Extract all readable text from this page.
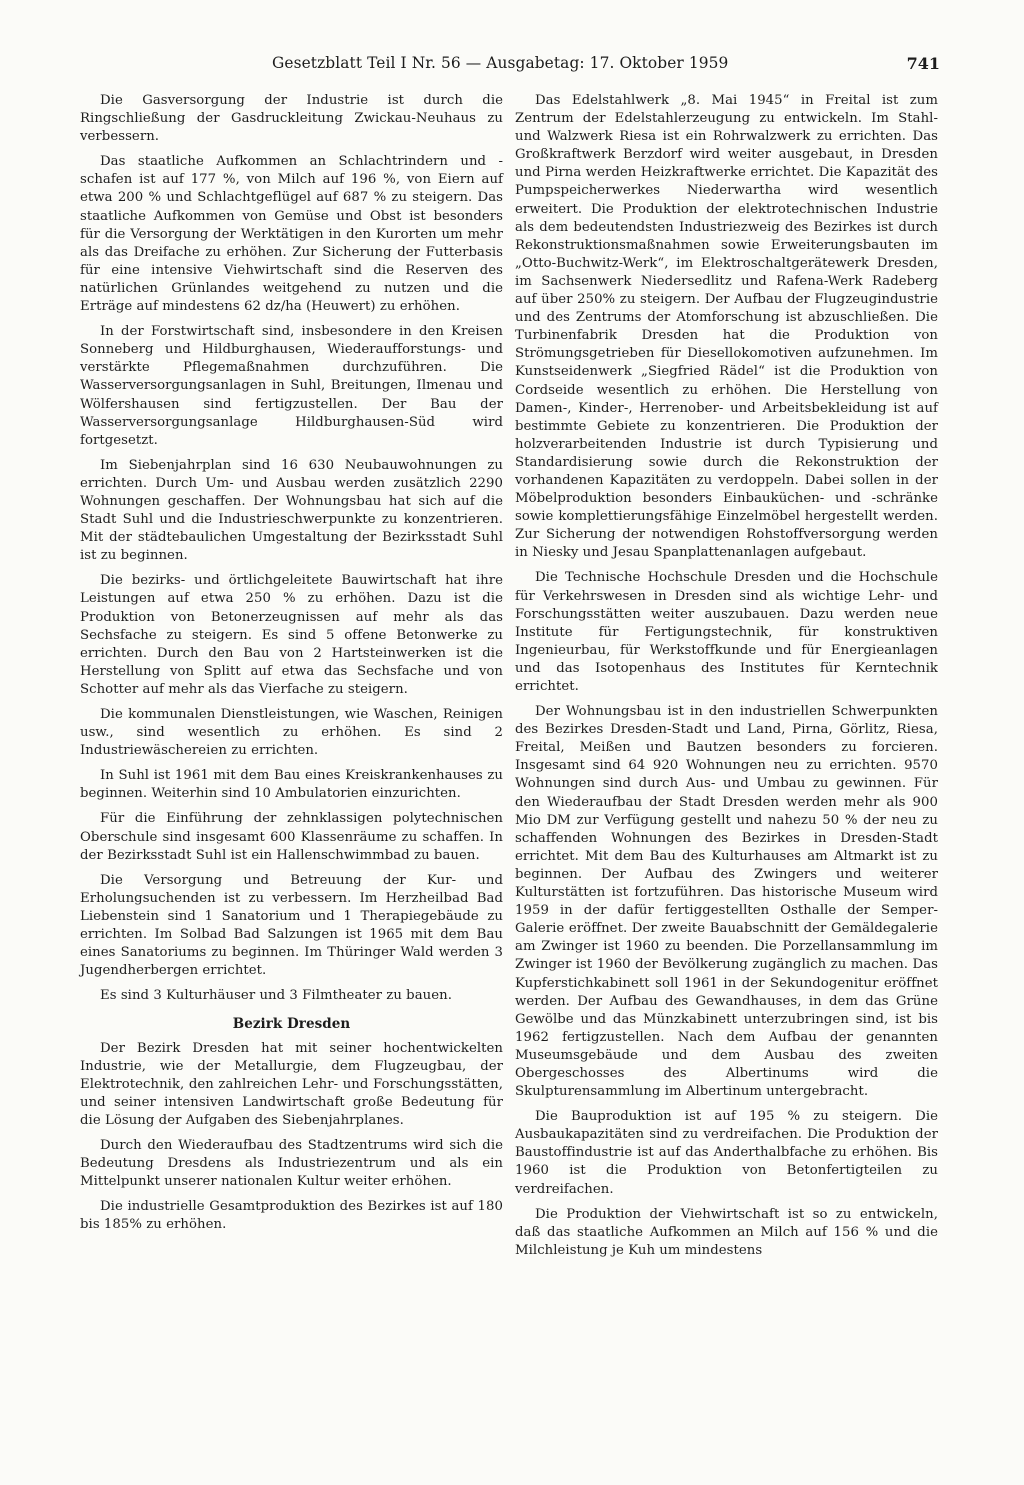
Gesetzblatt Teil I Nr. 56 — Ausgabetag: 17. Oktober 1959	741

Die Gasversorgung der Industrie ist durch die Ringschließung der Gasdruckleitung Zwickau-Neuhaus zu verbessern.

Das staatliche Aufkommen an Schlachtrindern und -schafen ist auf 177 %, von Milch auf 196 %, von Eiern auf etwa 200 % und Schlachtgeflügel auf 687 % zu steigern. Das staatliche Aufkommen von Gemüse und Obst ist besonders für die Versorgung der Werktätigen in den Kurorten um mehr als das Dreifache zu erhöhen. Zur Sicherung der Futterbasis für eine intensive Viehwirtschaft sind die Reserven des natürlichen Grünlandes weitgehend zu nutzen und die Erträge auf mindestens 62 dz/ha (Heuwert) zu erhöhen.

In der Forstwirtschaft sind, insbesondere in den Kreisen Sonneberg und Hildburghausen, Wiederaufforstungs- und verstärkte Pflegemaßnahmen durchzuführen. Die Wasserversorgungsanlagen in Suhl, Breitungen, Ilmenau und Wölfershausen sind fertigzustellen. Der Bau der Wasserversorgungsanlage Hildburghausen-Süd wird fortgesetzt.

Im Siebenjahrplan sind 16 630 Neubauwohnungen zu errichten. Durch Um- und Ausbau werden zusätzlich 2290 Wohnungen geschaffen. Der Wohnungsbau hat sich auf die Stadt Suhl und die Industrieschwerpunkte zu konzentrieren. Mit der städtebaulichen Umgestaltung der Bezirksstadt Suhl ist zu beginnen.

Die bezirks- und örtlichgeleitete Bauwirtschaft hat ihre Leistungen auf etwa 250 % zu erhöhen. Dazu ist die Produktion von Betonerzeugnissen auf mehr als das Sechsfache zu steigern. Es sind 5 offene Betonwerke zu errichten. Durch den Bau von 2 Hartsteinwerken ist die Herstellung von Splitt auf etwa das Sechsfache und von Schotter auf mehr als das Vierfache zu steigern.

Die kommunalen Dienstleistungen, wie Waschen, Reinigen usw., sind wesentlich zu erhöhen. Es sind 2 Industriewäschereien zu errichten.

In Suhl ist 1961 mit dem Bau eines Kreiskrankenhauses zu beginnen. Weiterhin sind 10 Ambulatorien einzurichten.

Für die Einführung der zehnklassigen polytechnischen Oberschule sind insgesamt 600 Klassenräume zu schaffen. In der Bezirksstadt Suhl ist ein Hallenschwimmbad zu bauen.

Die Versorgung und Betreuung der Kur- und Erholungsuchenden ist zu verbessern. Im Herzheilbad Bad Liebenstein sind 1 Sanatorium und 1 Therapiegebäude zu errichten. Im Solbad Bad Salzungen ist 1965 mit dem Bau eines Sanatoriums zu beginnen. Im Thüringer Wald werden 3 Jugendherbergen errichtet.

Es sind 3 Kulturhäuser und 3 Filmtheater zu bauen.

Bezirk Dresden

Der Bezirk Dresden hat mit seiner hochentwickelten Industrie, wie der Metallurgie, dem Flugzeugbau, der Elektrotechnik, den zahlreichen Lehr- und Forschungsstätten, und seiner intensiven Landwirtschaft große Bedeutung für die Lösung der Aufgaben des Siebenjahrplanes.

Durch den Wiederaufbau des Stadtzentrums wird sich die Bedeutung Dresdens als Industriezentrum und als ein Mittelpunkt unserer nationalen Kultur weiter erhöhen.

Die industrielle Gesamtproduktion des Bezirkes ist auf 180 bis 185% zu erhöhen.

Das Edelstahlwerk „8. Mai 1945“ in Freital ist zum Zentrum der Edelstahlerzeugung zu entwickeln. Im Stahl- und Walzwerk Riesa ist ein Rohrwalzwerk zu errichten. Das Großkraftwerk Berzdorf wird weiter ausgebaut, in Dresden und Pirna werden Heizkraftwerke errichtet. Die Kapazität des Pumpspeicherwerkes Niederwartha wird wesentlich erweitert. Die Produktion der elektrotechnischen Industrie als dem bedeutendsten Industriezweig des Bezirkes ist durch Rekonstruktionsmaßnahmen sowie Erweiterungsbauten im „Otto-Buchwitz-Werk“, im Elektroschaltgerätewerk Dresden, im Sachsenwerk Niedersedlitz und Rafena-Werk Radeberg auf über 250% zu steigern. Der Aufbau der Flugzeugindustrie und des Zentrums der Atomforschung ist abzuschließen. Die Turbinenfabrik Dresden hat die Produktion von Strömungsgetrieben für Diesellokomotiven aufzunehmen. Im Kunstseidenwerk „Siegfried Rädel“ ist die Produktion von Cordseide wesentlich zu erhöhen. Die Herstellung von Damen-, Kinder-, Herrenober- und Arbeitsbekleidung ist auf bestimmte Gebiete zu konzentrieren. Die Produktion der holzverarbeitenden Industrie ist durch Typisierung und Standardisierung sowie durch die Rekonstruktion der vorhandenen Kapazitäten zu verdoppeln. Dabei sollen in der Möbelproduktion besonders Einbauküchen- und -schränke sowie komplettierungsfähige Einzelmöbel hergestellt werden. Zur Sicherung der notwendigen Rohstoffversorgung werden in Niesky und Jesau Spanplattenanlagen aufgebaut.

Die Technische Hochschule Dresden und die Hochschule für Verkehrswesen in Dresden sind als wichtige Lehr- und Forschungsstätten weiter auszubauen. Dazu werden neue Institute für Fertigungstechnik, für konstruktiven Ingenieurbau, für Werkstoffkunde und für Energieanlagen und das Isotopenhaus des Institutes für Kerntechnik errichtet.

Der Wohnungsbau ist in den industriellen Schwerpunkten des Bezirkes Dresden-Stadt und Land, Pirna, Görlitz, Riesa, Freital, Meißen und Bautzen besonders zu forcieren. Insgesamt sind 64 920 Wohnungen neu zu errichten. 9570 Wohnungen sind durch Aus- und Umbau zu gewinnen. Für den Wiederaufbau der Stadt Dresden werden mehr als 900 Mio DM zur Verfügung gestellt und nahezu 50 % der neu zu schaffenden Wohnungen des Bezirkes in Dresden-Stadt errichtet. Mit dem Bau des Kulturhauses am Altmarkt ist zu beginnen. Der Aufbau des Zwingers und weiterer Kulturstätten ist fortzuführen. Das historische Museum wird 1959 in der dafür fertiggestellten Osthalle der Semper-Galerie eröffnet. Der zweite Bauabschnitt der Gemäldegalerie am Zwinger ist 1960 zu beenden. Die Porzellansammlung im Zwinger ist 1960 der Bevölkerung zugänglich zu machen. Das Kupferstichkabinett soll 1961 in der Sekundogenitur eröffnet werden. Der Aufbau des Gewandhauses, in dem das Grüne Gewölbe und das Münzkabinett unterzubringen sind, ist bis 1962 fertigzustellen. Nach dem Aufbau der genannten Museumsgebäude und dem Ausbau des zweiten Obergeschosses des Albertinums wird die Skulpturensammlung im Albertinum untergebracht.

Die Bauproduktion ist auf 195 % zu steigern. Die Ausbaukapazitäten sind zu verdreifachen. Die Produktion der Baustoffindustrie ist auf das Anderthalbfache zu erhöhen. Bis 1960 ist die Produktion von Betonfertigteilen zu verdreifachen.

Die Produktion der Viehwirtschaft ist so zu entwickeln, daß das staatliche Aufkommen an Milch auf 156 % und die Milchleistung je Kuh um mindestens
